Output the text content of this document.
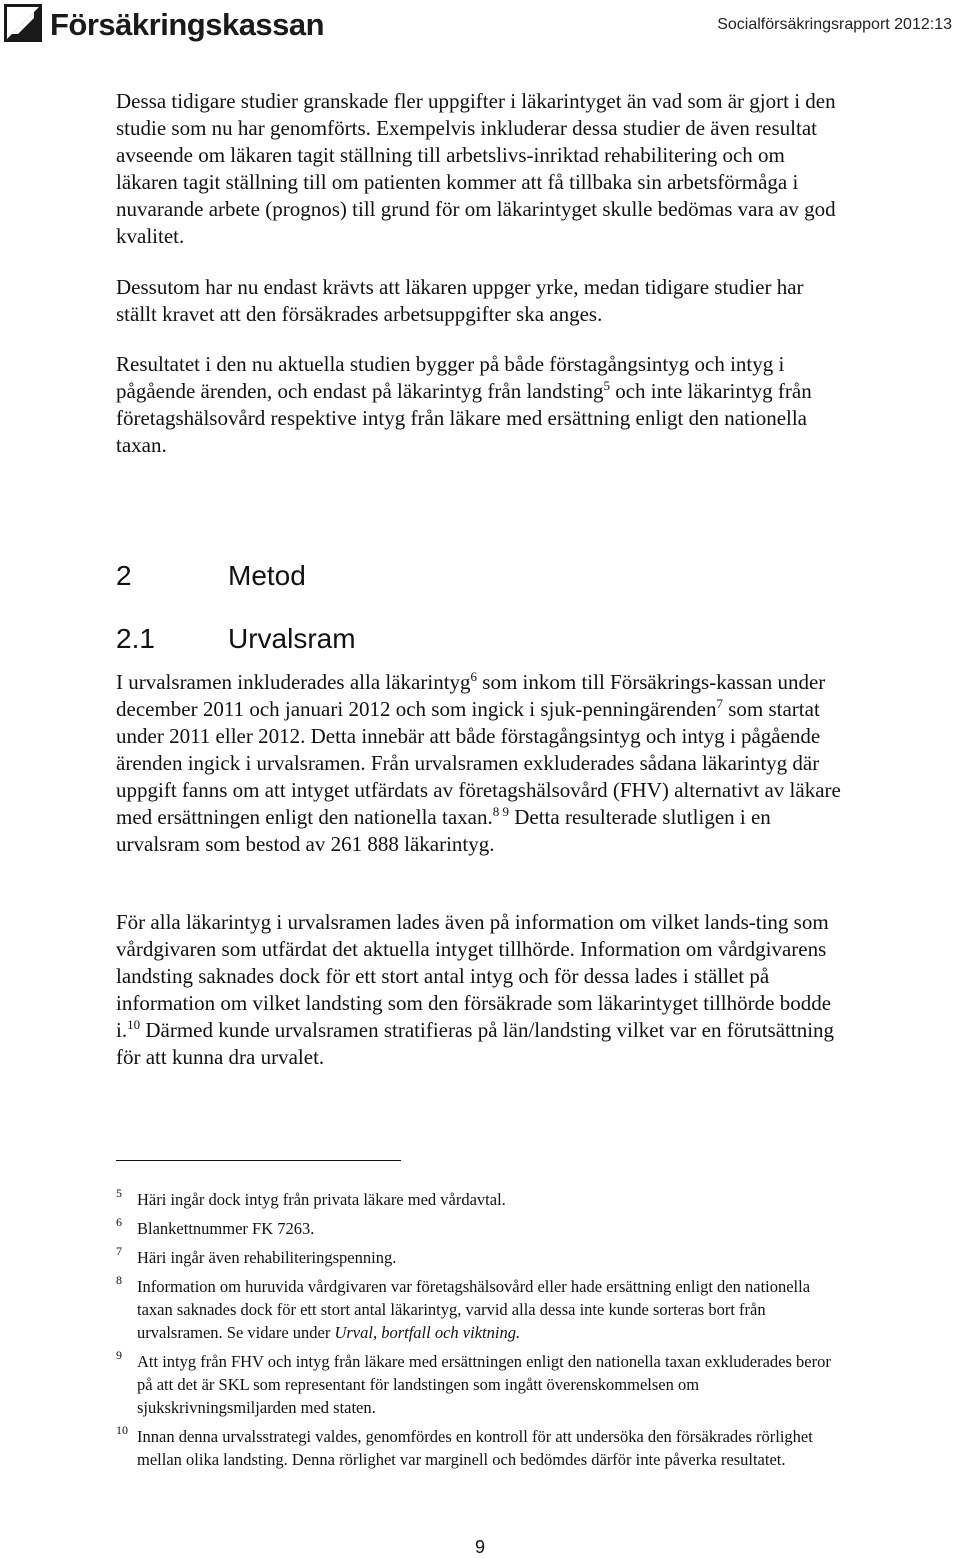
Försäkringskassan	Socialförsäkringsrapport 2012:13

Dessa tidigare studier granskade fler uppgifter i läkarintyget än vad som är gjort i den studie som nu har genomförts. Exempelvis inkluderar dessa studier de även resultat avseende om läkaren tagit ställning till arbetslivs-inriktad rehabilitering och om läkaren tagit ställning till om patienten kommer att få tillbaka sin arbetsförmåga i nuvarande arbete (prognos) till grund för om läkarintyget skulle bedömas vara av god kvalitet.

Dessutom har nu endast krävts att läkaren uppger yrke, medan tidigare studier har ställt kravet att den försäkrades arbetsuppgifter ska anges.

Resultatet i den nu aktuella studien bygger på både förstagångsintyg och intyg i pågående ärenden, och endast på läkarintyg från landsting$^5$ och inte läkarintyg från företagshälsovård respektive intyg från läkare med ersättning enligt den nationella taxan.

2	Metod
2.1	Urvalsram

I urvalsramen inkluderades alla läkarintyg$^6$ som inkom till Försäkrings-kassan under december 2011 och januari 2012 och som ingick i sjuk-penningärenden$^7$ som startat under 2011 eller 2012. Detta innebär att både förstagångsintyg och intyg i pågående ärenden ingick i urvalsramen. Från urvalsramen exkluderades sådana läkarintyg där uppgift fanns om att intyget utfärdats av företagshälsovård (FHV) alternativt av läkare med ersättningen enligt den nationella taxan.$^{8 9}$ Detta resulterade slutligen i en urvalsram som bestod av 261 888 läkarintyg.

För alla läkarintyg i urvalsramen lades även på information om vilket lands-ting som vårdgivaren som utfärdat det aktuella intyget tillhörde. Information om vårdgivarens landsting saknades dock för ett stort antal intyg och för dessa lades i stället på information om vilket landsting som den försäkrade som läkarintyget tillhörde bodde i.$^{10}$ Därmed kunde urvalsramen stratifieras på län/landsting vilket var en förutsättning för att kunna dra urvalet.

5 Häri ingår dock intyg från privata läkare med vårdavtal.

6 Blankettnummer FK 7263.

7 Häri ingår även rehabiliteringspenning.

8 Information om huruvida vårdgivaren var företagshälsovård eller hade ersättning enligt den nationella taxan saknades dock för ett stort antal läkarintyg, varvid alla dessa inte kunde sorteras bort från urvalsramen. Se vidare under Urval, bortfall och viktning.

9 Att intyg från FHV och intyg från läkare med ersättningen enligt den nationella taxan exkluderades beror på att det är SKL som representant för landstingen som ingått överenskommelsen om sjukskrivningsmiljarden med staten.

10 Innan denna urvalsstrategi valdes, genomfördes en kontroll för att undersöka den försäkrades rörlighet mellan olika landsting. Denna rörlighet var marginell och bedömdes därför inte påverka resultatet.

9
